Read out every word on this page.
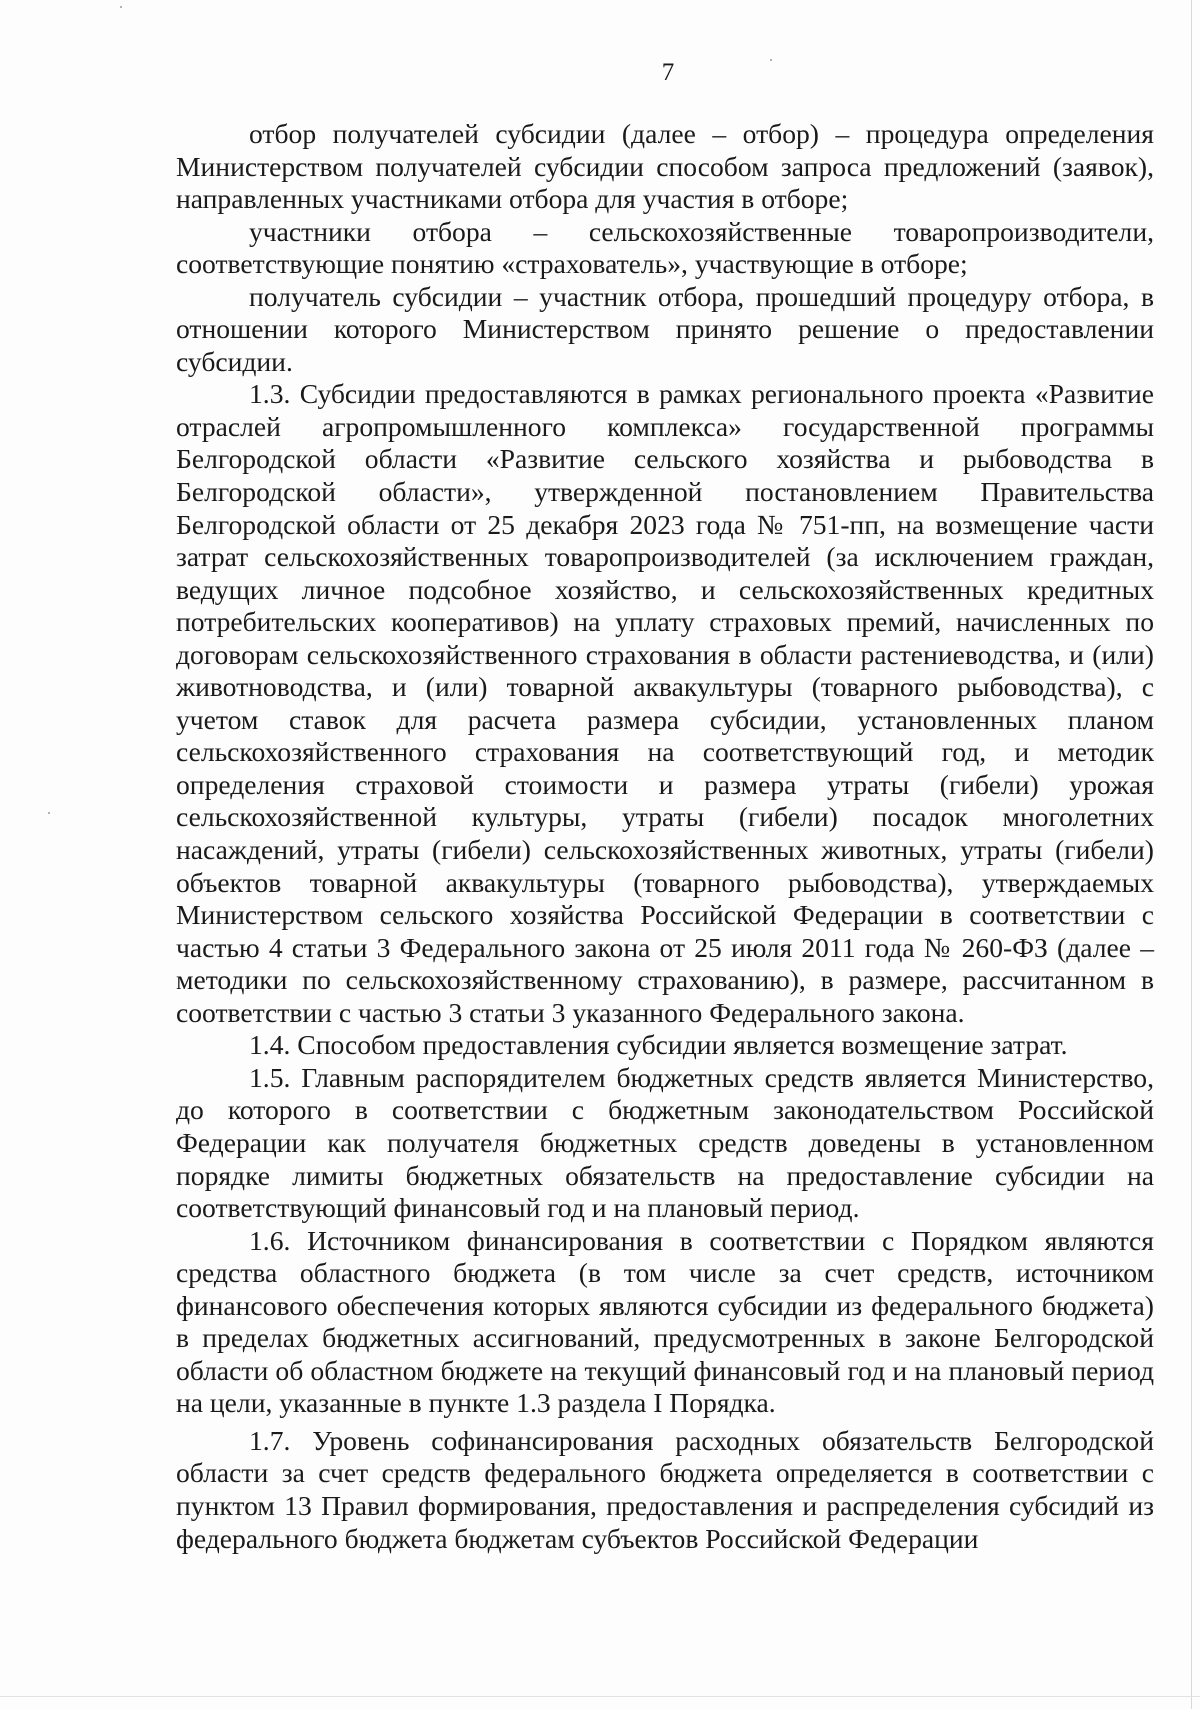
7

отбор получателей субсидии (далее – отбор) – процедура определения Министерством получателей субсидии способом запроса предложений (заявок), направленных участниками отбора для участия в отборе;

участники отбора – сельскохозяйственные товаропроизводители, соответствующие понятию «страхователь», участвующие в отборе;

получатель субсидии – участник отбора, прошедший процедуру отбора, в отношении которого Министерством принято решение о предоставлении субсидии.

1.3. Субсидии предоставляются в рамках регионального проекта «Развитие отраслей агропромышленного комплекса» государственной программы Белгородской области «Развитие сельского хозяйства и рыбоводства в Белгородской области», утвержденной постановлением Правительства Белгородской области от 25 декабря 2023 года № 751-пп, на возмещение части затрат сельскохозяйственных товаропроизводителей (за исключением граждан, ведущих личное подсобное хозяйство, и сельскохозяйственных кредитных потребительских кооперативов) на уплату страховых премий, начисленных по договорам сельскохозяйственного страхования в области растениеводства, и (или) животноводства, и (или) товарной аквакультуры (товарного рыбоводства), с учетом ставок для расчета размера субсидии, установленных планом сельскохозяйственного страхования на соответствующий год, и методик определения страховой стоимости и размера утраты (гибели) урожая сельскохозяйственной культуры, утраты (гибели) посадок многолетних насаждений, утраты (гибели) сельскохозяйственных животных, утраты (гибели) объектов товарной аквакультуры (товарного рыбоводства), утверждаемых Министерством сельского хозяйства Российской Федерации в соответствии с частью 4 статьи 3 Федерального закона от 25 июля 2011 года № 260-ФЗ (далее – методики по сельскохозяйственному страхованию), в размере, рассчитанном в соответствии с частью 3 статьи 3 указанного Федерального закона.

1.4. Способом предоставления субсидии является возмещение затрат.

1.5. Главным распорядителем бюджетных средств является Министерство, до которого в соответствии с бюджетным законодательством Российской Федерации как получателя бюджетных средств доведены в установленном порядке лимиты бюджетных обязательств на предоставление субсидии на соответствующий финансовый год и на плановый период.

1.6. Источником финансирования в соответствии с Порядком являются средства областного бюджета (в том числе за счет средств, источником финансового обеспечения которых являются субсидии из федерального бюджета) в пределах бюджетных ассигнований, предусмотренных в законе Белгородской области об областном бюджете на текущий финансовый год и на плановый период на цели, указанные в пункте 1.3 раздела I Порядка.

1.7. Уровень софинансирования расходных обязательств Белгородской области за счет средств федерального бюджета определяется в соответствии с пунктом 13 Правил формирования, предоставления и распределения субсидий из федерального бюджета бюджетам субъектов Российской Федерации
